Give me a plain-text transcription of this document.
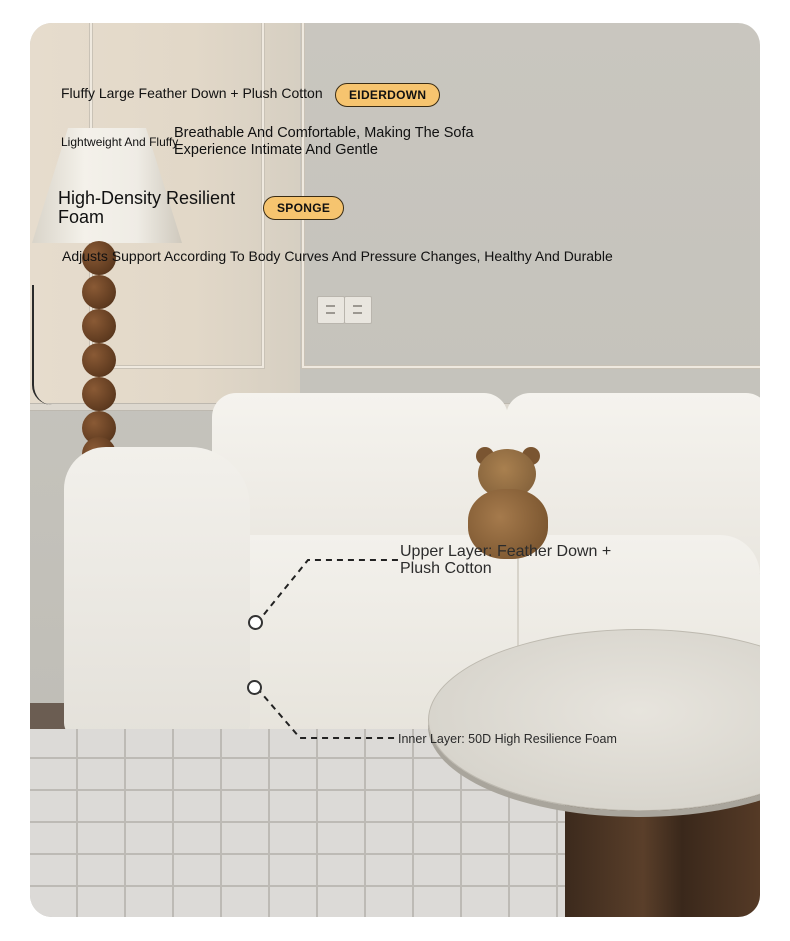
Fluffy Large Feather Down + Plush Cotton	EIDERDOWN

Lightweight And Fluffy

Breathable And Comfortable, Making The Sofa Experience Intimate And Gentle

High-Density Resilient Foam	SPONGE

Adjusts Support According To Body Curves And Pressure Changes, Healthy And Durable

Upper Layer: Feather Down + Plush Cotton

Inner Layer: 50D High Resilience Foam
